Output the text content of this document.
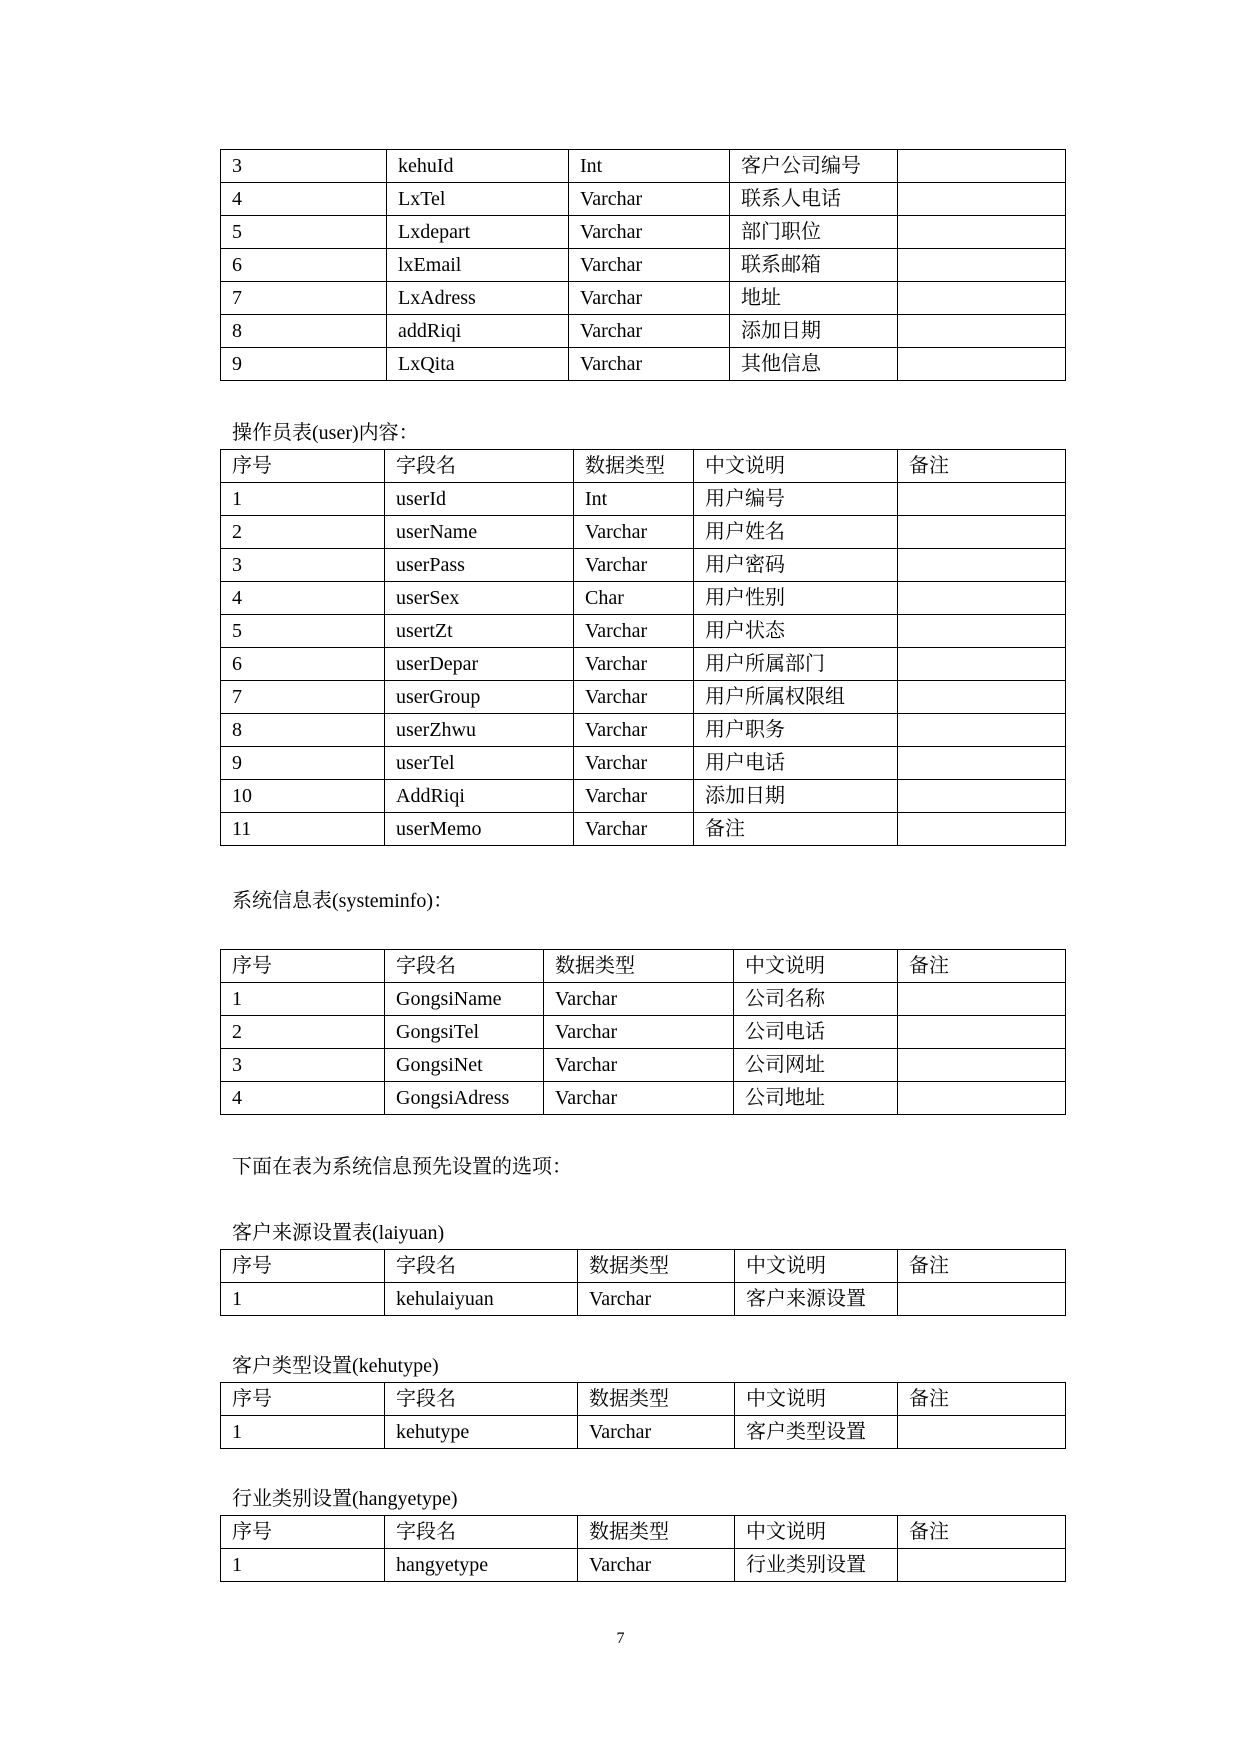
3	kehuId	Int	客户公司编号	
4	LxTel	Varchar	联系人电话	
5	Lxdepart	Varchar	部门职位	
6	lxEmail	Varchar	联系邮箱	
7	LxAdress	Varchar	地址	
8	addRiqi	Varchar	添加日期	
9	LxQita	Varchar	其他信息	
操作员表(user)内容：
序号	字段名	数据类型	中文说明	备注
1	userId	Int	用户编号	
2	userName	Varchar	用户姓名	
3	userPass	Varchar	用户密码	
4	userSex	Char	用户性别	
5	usertZt	Varchar	用户状态	
6	userDepar	Varchar	用户所属部门	
7	userGroup	Varchar	用户所属权限组	
8	userZhwu	Varchar	用户职务	
9	userTel	Varchar	用户电话	
10	AddRiqi	Varchar	添加日期	
11	userMemo	Varchar	备注	
系统信息表(systeminfo)：
序号	字段名	数据类型	中文说明	备注
1	GongsiName	Varchar	公司名称	
2	GongsiTel	Varchar	公司电话	
3	GongsiNet	Varchar	公司网址	
4	GongsiAdress	Varchar	公司地址	
下面在表为系统信息预先设置的选项：
客户来源设置表(laiyuan)
序号	字段名	数据类型	中文说明	备注
1	kehulaiyuan	Varchar	客户来源设置	
客户类型设置(kehutype)
序号	字段名	数据类型	中文说明	备注
1	kehutype	Varchar	客户类型设置	
行业类别设置(hangyetype)
序号	字段名	数据类型	中文说明	备注
1	hangyetype	Varchar	行业类别设置	
7
